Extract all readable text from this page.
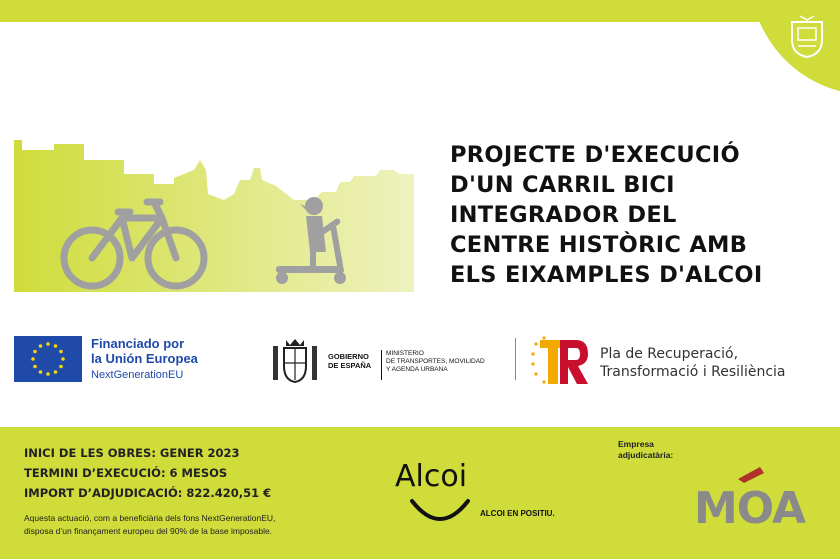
PROJECTE D'EXECUCIÓ
D'UN CARRIL BICI
INTEGRADOR DEL
CENTRE HISTÒRIC AMB
ELS EIXAMPLES D'ALCOI
Financiado por
la Unión Europea
NextGenerationEU
GOBIERNO
DE ESPAÑA
MINISTERIO
DE TRANSPORTES, MOVILIDAD
Y AGENDA URBANA
Pla de Recuperació,
Transformació i Resiliència
INICI DE LES OBRES: GENER 2023
TERMINI D’EXECUCIÓ: 6 MESOS
IMPORT D’ADJUDICACIÓ: 822.420,51 €
Aquesta actuació, com a beneficiària dels fons NextGenerationEU,
disposa d’un finançament europeu del 90% de la base imposable.
Alcoi
ALCOI EN POSITIU.
Empresa
adjudicatària:
MOA
